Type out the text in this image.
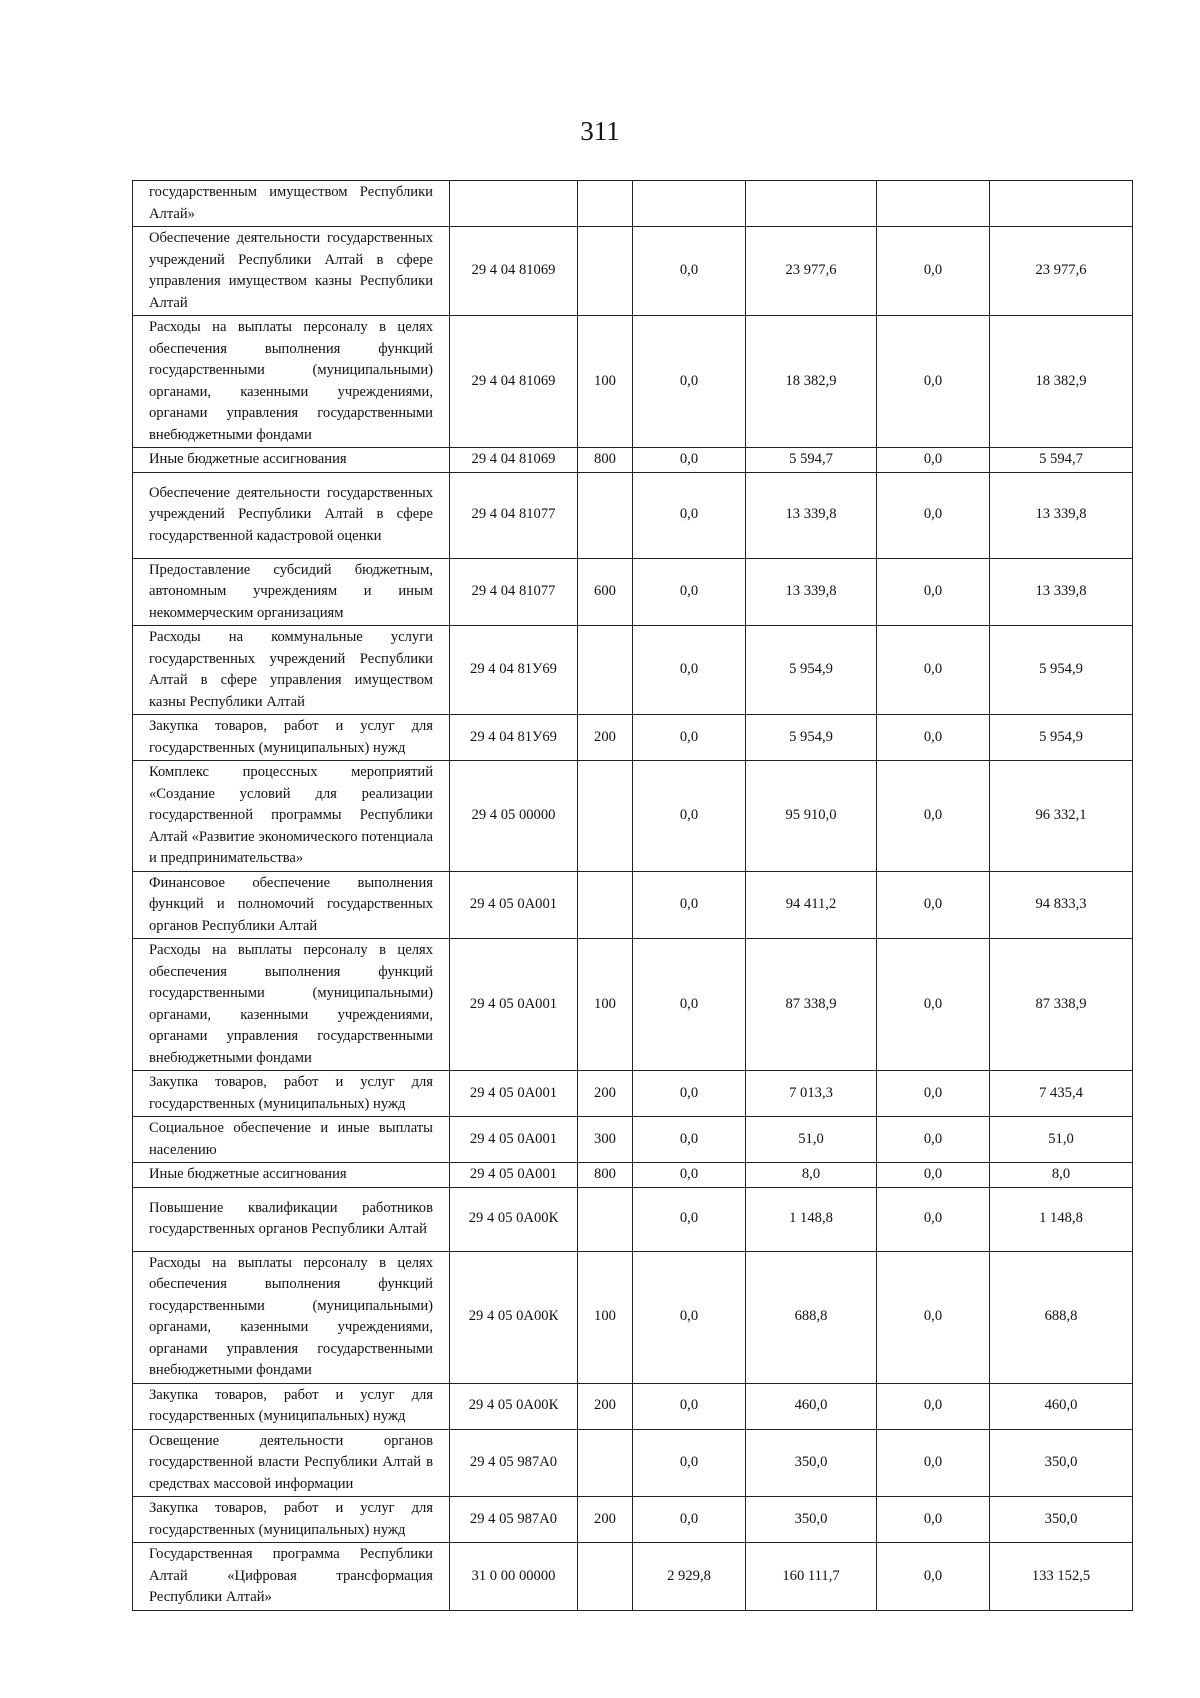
311
государственным имуществом Республики Алтай»						
Обеспечение деятельности государственных учреждений Республики Алтай в сфере управления имуществом казны Республики Алтай	29 4 04 81069		0,0	23 977,6	0,0	23 977,6
Расходы на выплаты персоналу в целях обеспечения выполнения функций государственными (муниципальными) органами, казенными учреждениями, органами управления государственными внебюджетными фондами	29 4 04 81069	100	0,0	18 382,9	0,0	18 382,9
Иные бюджетные ассигнования	29 4 04 81069	800	0,0	5 594,7	0,0	5 594,7
Обеспечение деятельности государственных учреждений Республики Алтай в сфере государственной кадастровой оценки	29 4 04 81077		0,0	13 339,8	0,0	13 339,8
Предоставление субсидий бюджетным, автономным учреждениям и иным некоммерческим организациям	29 4 04 81077	600	0,0	13 339,8	0,0	13 339,8
Расходы на коммунальные услуги государственных учреждений Республики Алтай в сфере управления имуществом казны Республики Алтай	29 4 04 81У69		0,0	5 954,9	0,0	5 954,9
Закупка товаров, работ и услуг для государственных (муниципальных) нужд	29 4 04 81У69	200	0,0	5 954,9	0,0	5 954,9
Комплекс процессных мероприятий «Создание условий для реализации государственной программы Республики Алтай «Развитие экономического потенциала и предпринимательства»	29 4 05 00000		0,0	95 910,0	0,0	96 332,1
Финансовое обеспечение выполнения функций и полномочий государственных органов Республики Алтай	29 4 05 0А001		0,0	94 411,2	0,0	94 833,3
Расходы на выплаты персоналу в целях обеспечения выполнения функций государственными (муниципальными) органами, казенными учреждениями, органами управления государственными внебюджетными фондами	29 4 05 0А001	100	0,0	87 338,9	0,0	87 338,9
Закупка товаров, работ и услуг для государственных (муниципальных) нужд	29 4 05 0А001	200	0,0	7 013,3	0,0	7 435,4
Социальное обеспечение и иные выплаты населению	29 4 05 0А001	300	0,0	51,0	0,0	51,0
Иные бюджетные ассигнования	29 4 05 0А001	800	0,0	8,0	0,0	8,0
Повышение квалификации работников государственных органов Республики Алтай	29 4 05 0А00К		0,0	1 148,8	0,0	1 148,8
Расходы на выплаты персоналу в целях обеспечения выполнения функций государственными (муниципальными) органами, казенными учреждениями, органами управления государственными внебюджетными фондами	29 4 05 0А00К	100	0,0	688,8	0,0	688,8
Закупка товаров, работ и услуг для государственных (муниципальных) нужд	29 4 05 0А00К	200	0,0	460,0	0,0	460,0
Освещение деятельности органов государственной власти Республики Алтай в средствах массовой информации	29 4 05 987А0		0,0	350,0	0,0	350,0
Закупка товаров, работ и услуг для государственных (муниципальных) нужд	29 4 05 987А0	200	0,0	350,0	0,0	350,0
Государственная программа Республики Алтай «Цифровая трансформация Республики Алтай»	31 0 00 00000		2 929,8	160 111,7	0,0	133 152,5
